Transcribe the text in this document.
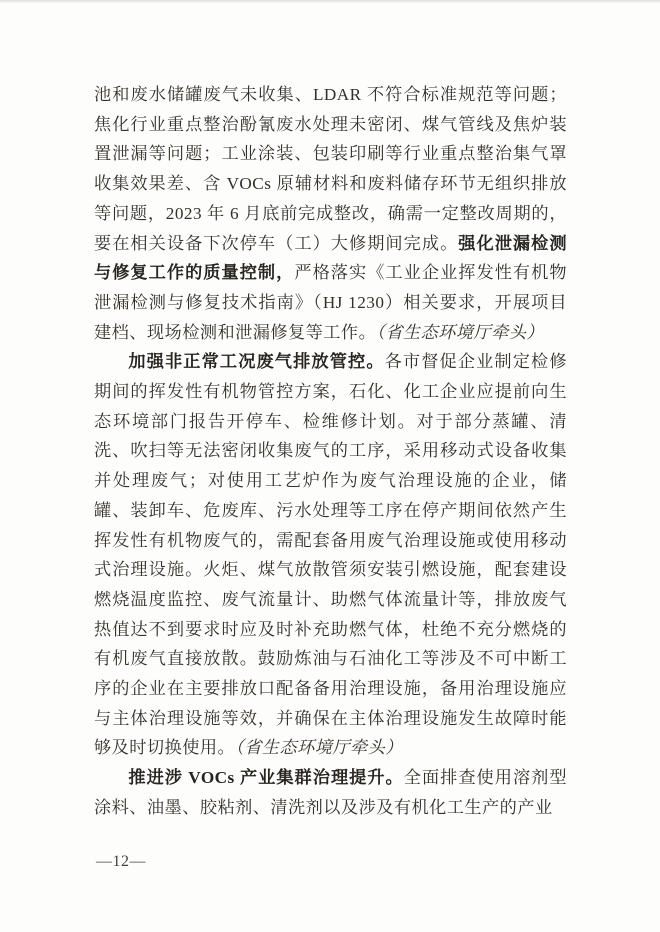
池和废水储罐废气未收集、LDAR 不符合标准规范等问题；焦化行业重点整治酚氰废水处理未密闭、煤气管线及焦炉装置泄漏等问题；工业涂装、包装印刷等行业重点整治集气罩收集效果差、含 VOCs 原辅材料和废料储存环节无组织排放等问题，2023 年 6 月底前完成整改，确需一定整改周期的，要在相关设备下次停车（工）大修期间完成。强化泄漏检测与修复工作的质量控制，严格落实《工业企业挥发性有机物泄漏检测与修复技术指南》（HJ 1230）相关要求，开展项目建档、现场检测和泄漏修复等工作。（省生态环境厅牵头）

加强非正常工况废气排放管控。各市督促企业制定检修期间的挥发性有机物管控方案，石化、化工企业应提前向生态环境部门报告开停车、检维修计划。对于部分蒸罐、清洗、吹扫等无法密闭收集废气的工序，采用移动式设备收集并处理废气；对使用工艺炉作为废气治理设施的企业，储罐、装卸车、危废库、污水处理等工序在停产期间依然产生挥发性有机物废气的，需配套备用废气治理设施或使用移动式治理设施。火炬、煤气放散管须安装引燃设施，配套建设燃烧温度监控、废气流量计、助燃气体流量计等，排放废气热值达不到要求时应及时补充助燃气体，杜绝不充分燃烧的有机废气直接放散。鼓励炼油与石油化工等涉及不可中断工序的企业在主要排放口配备备用治理设施，备用治理设施应与主体治理设施等效，并确保在主体治理设施发生故障时能够及时切换使用。（省生态环境厅牵头）

推进涉 VOCs 产业集群治理提升。全面排查使用溶剂型涂料、油墨、胶粘剂、清洗剂以及涉及有机化工生产的产业

—12—
